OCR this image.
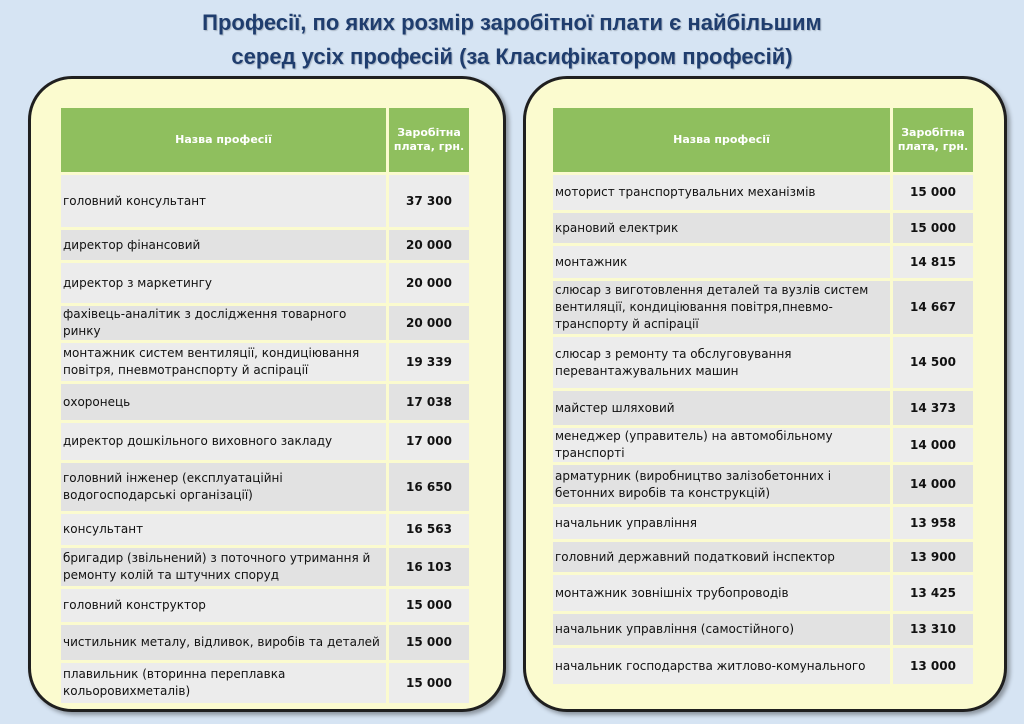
Професії, по яких розмір заробітної плати є найбільшим
серед усіх професій (за Класифікатором професій)
Назва професії	Заробітна плата, грн.
головний консультант	37 300
директор фінансовий	20 000
директор з маркетингу	20 000
фахівець-аналітик з дослідження товарного ринку	20 000
монтажник систем вентиляції, кондиціювання повітря, пневмотранспорту й аспірації	19 339
охоронець	17 038
директор дошкільного виховного закладу	17 000
головний інженер (експлуатаційні водогосподарські організації)	16 650
консультант	16 563
бригадир (звільнений) з поточного утримання й ремонту колій та штучних споруд	16 103
головний конструктор	15 000
чистильник металу, відливок, виробів та деталей	15 000
плавильник (вторинна переплавка кольоровихметалів)	15 000
Назва професії	Заробітна плата, грн.
моторист транспортувальних механізмів	15 000
крановий електрик	15 000
монтажник	14 815
слюсар з виготовлення деталей та вузлів систем вентиляції, кондиціювання повітря,пневмо-транспорту й аспірації	14 667
слюсар з ремонту та обслуговування перевантажувальних машин	14 500
майстер шляховий	14 373
менеджер (управитель) на автомобільному транспорті	14 000
арматурник (виробництво залізобетонних і бетонних виробів та конструкцій)	14 000
начальник управління	13 958
головний державний податковий інспектор	13 900
монтажник зовнішніх трубопроводів	13 425
начальник управління (самостійного)	13 310
начальник господарства житлово-комунального	13 000
